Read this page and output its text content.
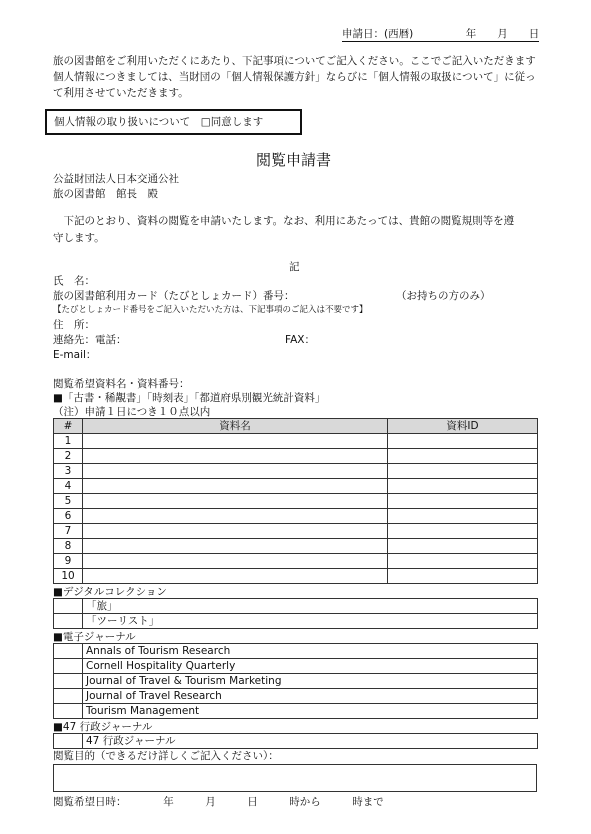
申請日：(西暦)　　　　　年　　月　　日
旅の図書館をご利用いただくにあたり、下記事項についてご記入ください。ここでご記入いただきます
個人情報につきましては、当財団の「個人情報保護方針」ならびに「個人情報の取扱について」に従っ
て利用させていただきます。
個人情報の取り扱いについて　□同意します
閲覧申請書
公益財団法人日本交通公社
旅の図書館　館長　殿
　下記のとおり、資料の閲覧を申請いたします。なお、利用にあたっては、貴館の閲覧規則等を遵
守します。
記
氏　名：
旅の図書館利用カード（たびとしょカード）番号：	（お持ちの方のみ）
【たびとしょカード番号をご記入いただいた方は、下記事項のご記入は不要です】
住　所：
連絡先：電話：	FAX：
E-mail：
閲覧希望資料名・資料番号：
■「古書・稀覯書」「時刻表」「都道府県別観光統計資料」
（注）申請１日につき１０点以内
#	資料名	資料ID
1		
2		
3		
4		
5		
6		
7		
8		
9		
10		
■デジタルコレクション
	「旅」
	「ツーリスト」
■電子ジャーナル
	Annals of Tourism Research
	Cornell Hospitality Quarterly
	Journal of Travel & Tourism Marketing
	Journal of Travel Research
	Tourism Management
■47 行政ジャーナル
	47 行政ジャーナル
閲覧目的（できるだけ詳しくご記入ください）：
閲覧希望日時：　　　　年　　　月　　　日　　　時から　　　時まで
